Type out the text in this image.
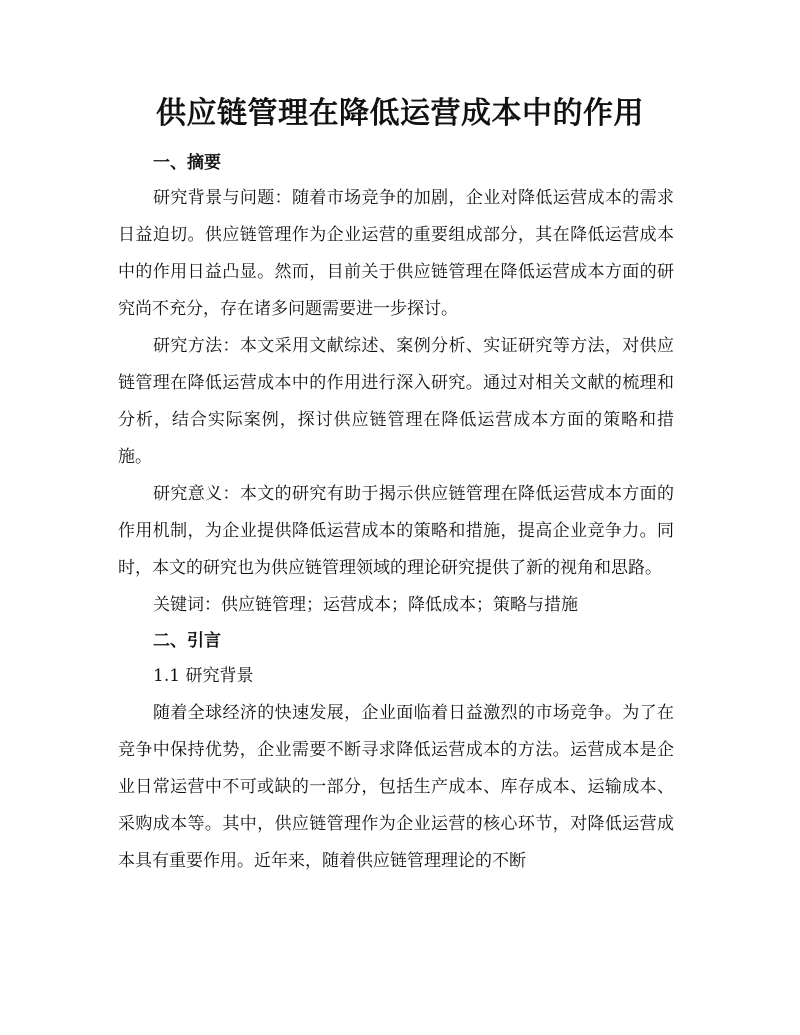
供应链管理在降低运营成本中的作用

一、摘要

研究背景与问题：随着市场竞争的加剧，企业对降低运营成本的需求日益迫切。供应链管理作为企业运营的重要组成部分，其在降低运营成本中的作用日益凸显。然而，目前关于供应链管理在降低运营成本方面的研究尚不充分，存在诸多问题需要进一步探讨。

研究方法：本文采用文献综述、案例分析、实证研究等方法，对供应链管理在降低运营成本中的作用进行深入研究。通过对相关文献的梳理和分析，结合实际案例，探讨供应链管理在降低运营成本方面的策略和措施。

研究意义：本文的研究有助于揭示供应链管理在降低运营成本方面的作用机制，为企业提供降低运营成本的策略和措施，提高企业竞争力。同时，本文的研究也为供应链管理领域的理论研究提供了新的视角和思路。

关键词：供应链管理；运营成本；降低成本；策略与措施

二、引言

1.1 研究背景

随着全球经济的快速发展，企业面临着日益激烈的市场竞争。为了在竞争中保持优势，企业需要不断寻求降低运营成本的方法。运营成本是企业日常运营中不可或缺的一部分，包括生产成本、库存成本、运输成本、采购成本等。其中，供应链管理作为企业运营的核心环节，对降低运营成本具有重要作用。近年来，随着供应链管理理论的不断
